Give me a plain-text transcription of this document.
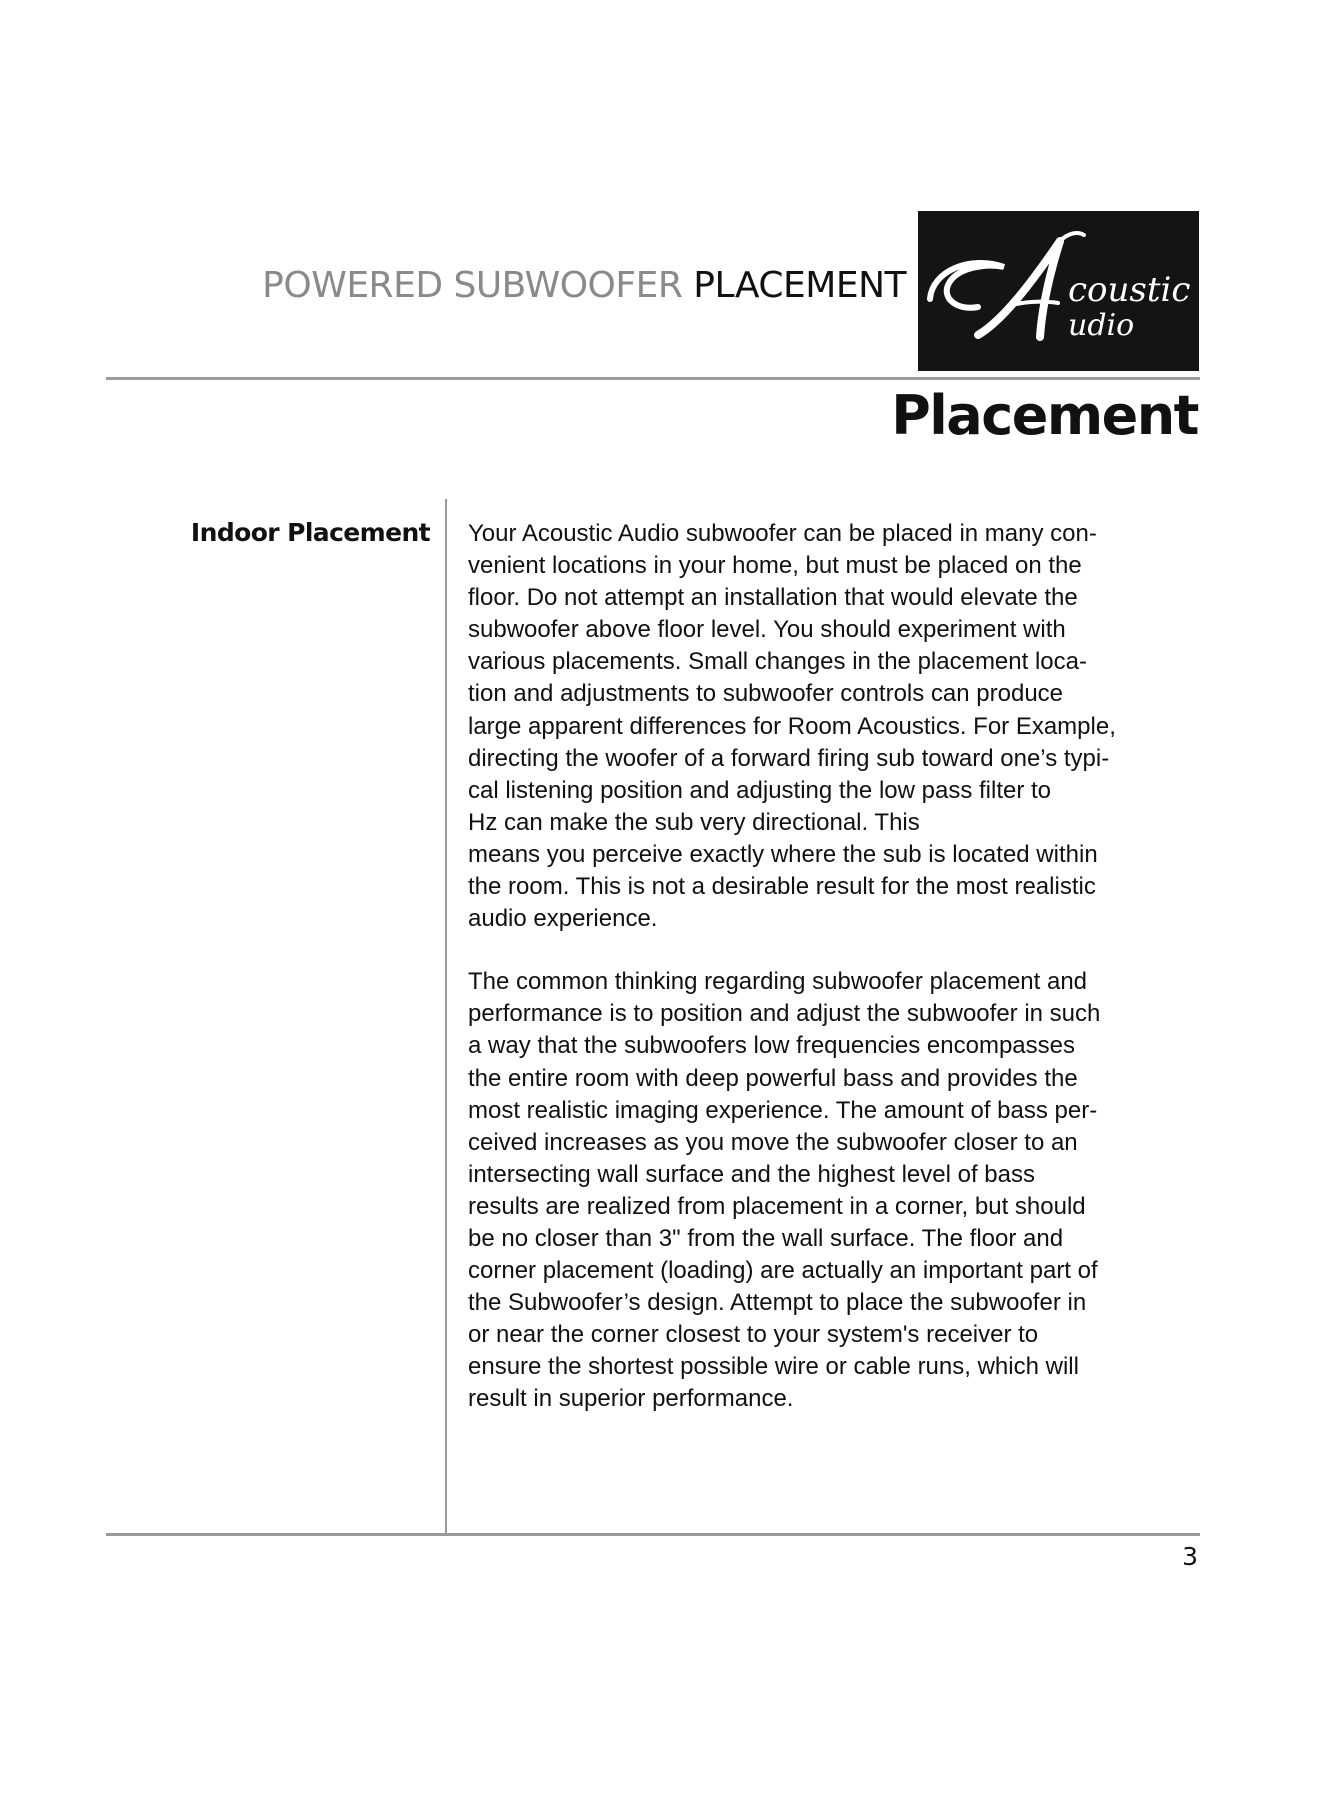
POWERED SUBWOOFER PLACEMENT	coustic
udio
Placement
Indoor Placement Your Acoustic Audio subwoofer can be placed in many con-
venient locations in your home, but must be placed on the
floor. Do not attempt an installation that would elevate the
subwoofer above floor level. You should experiment with
various placements. Small changes in the placement loca-
tion and adjustments to subwoofer controls can produce
large apparent differences for Room Acoustics. For Example,
directing the woofer of a forward firing sub toward one’s typi-
cal listening position and adjusting the low pass filter to
Hz can make the sub very directional. This
means you perceive exactly where the sub is located within
the room. This is not a desirable result for the most realistic
audio experience.

The common thinking regarding subwoofer placement and
performance is to position and adjust the subwoofer in such
a way that the subwoofers low frequencies encompasses
the entire room with deep powerful bass and provides the
most realistic imaging experience. The amount of bass per-
ceived increases as you move the subwoofer closer to an
intersecting wall surface and the highest level of bass
results are realized from placement in a corner, but should
be no closer than 3" from the wall surface. The floor and
corner placement (loading) are actually an important part of
the Subwoofer’s design. Attempt to place the subwoofer in
or near the corner closest to your system's receiver to
ensure the shortest possible wire or cable runs, which will
result in superior performance.

3
